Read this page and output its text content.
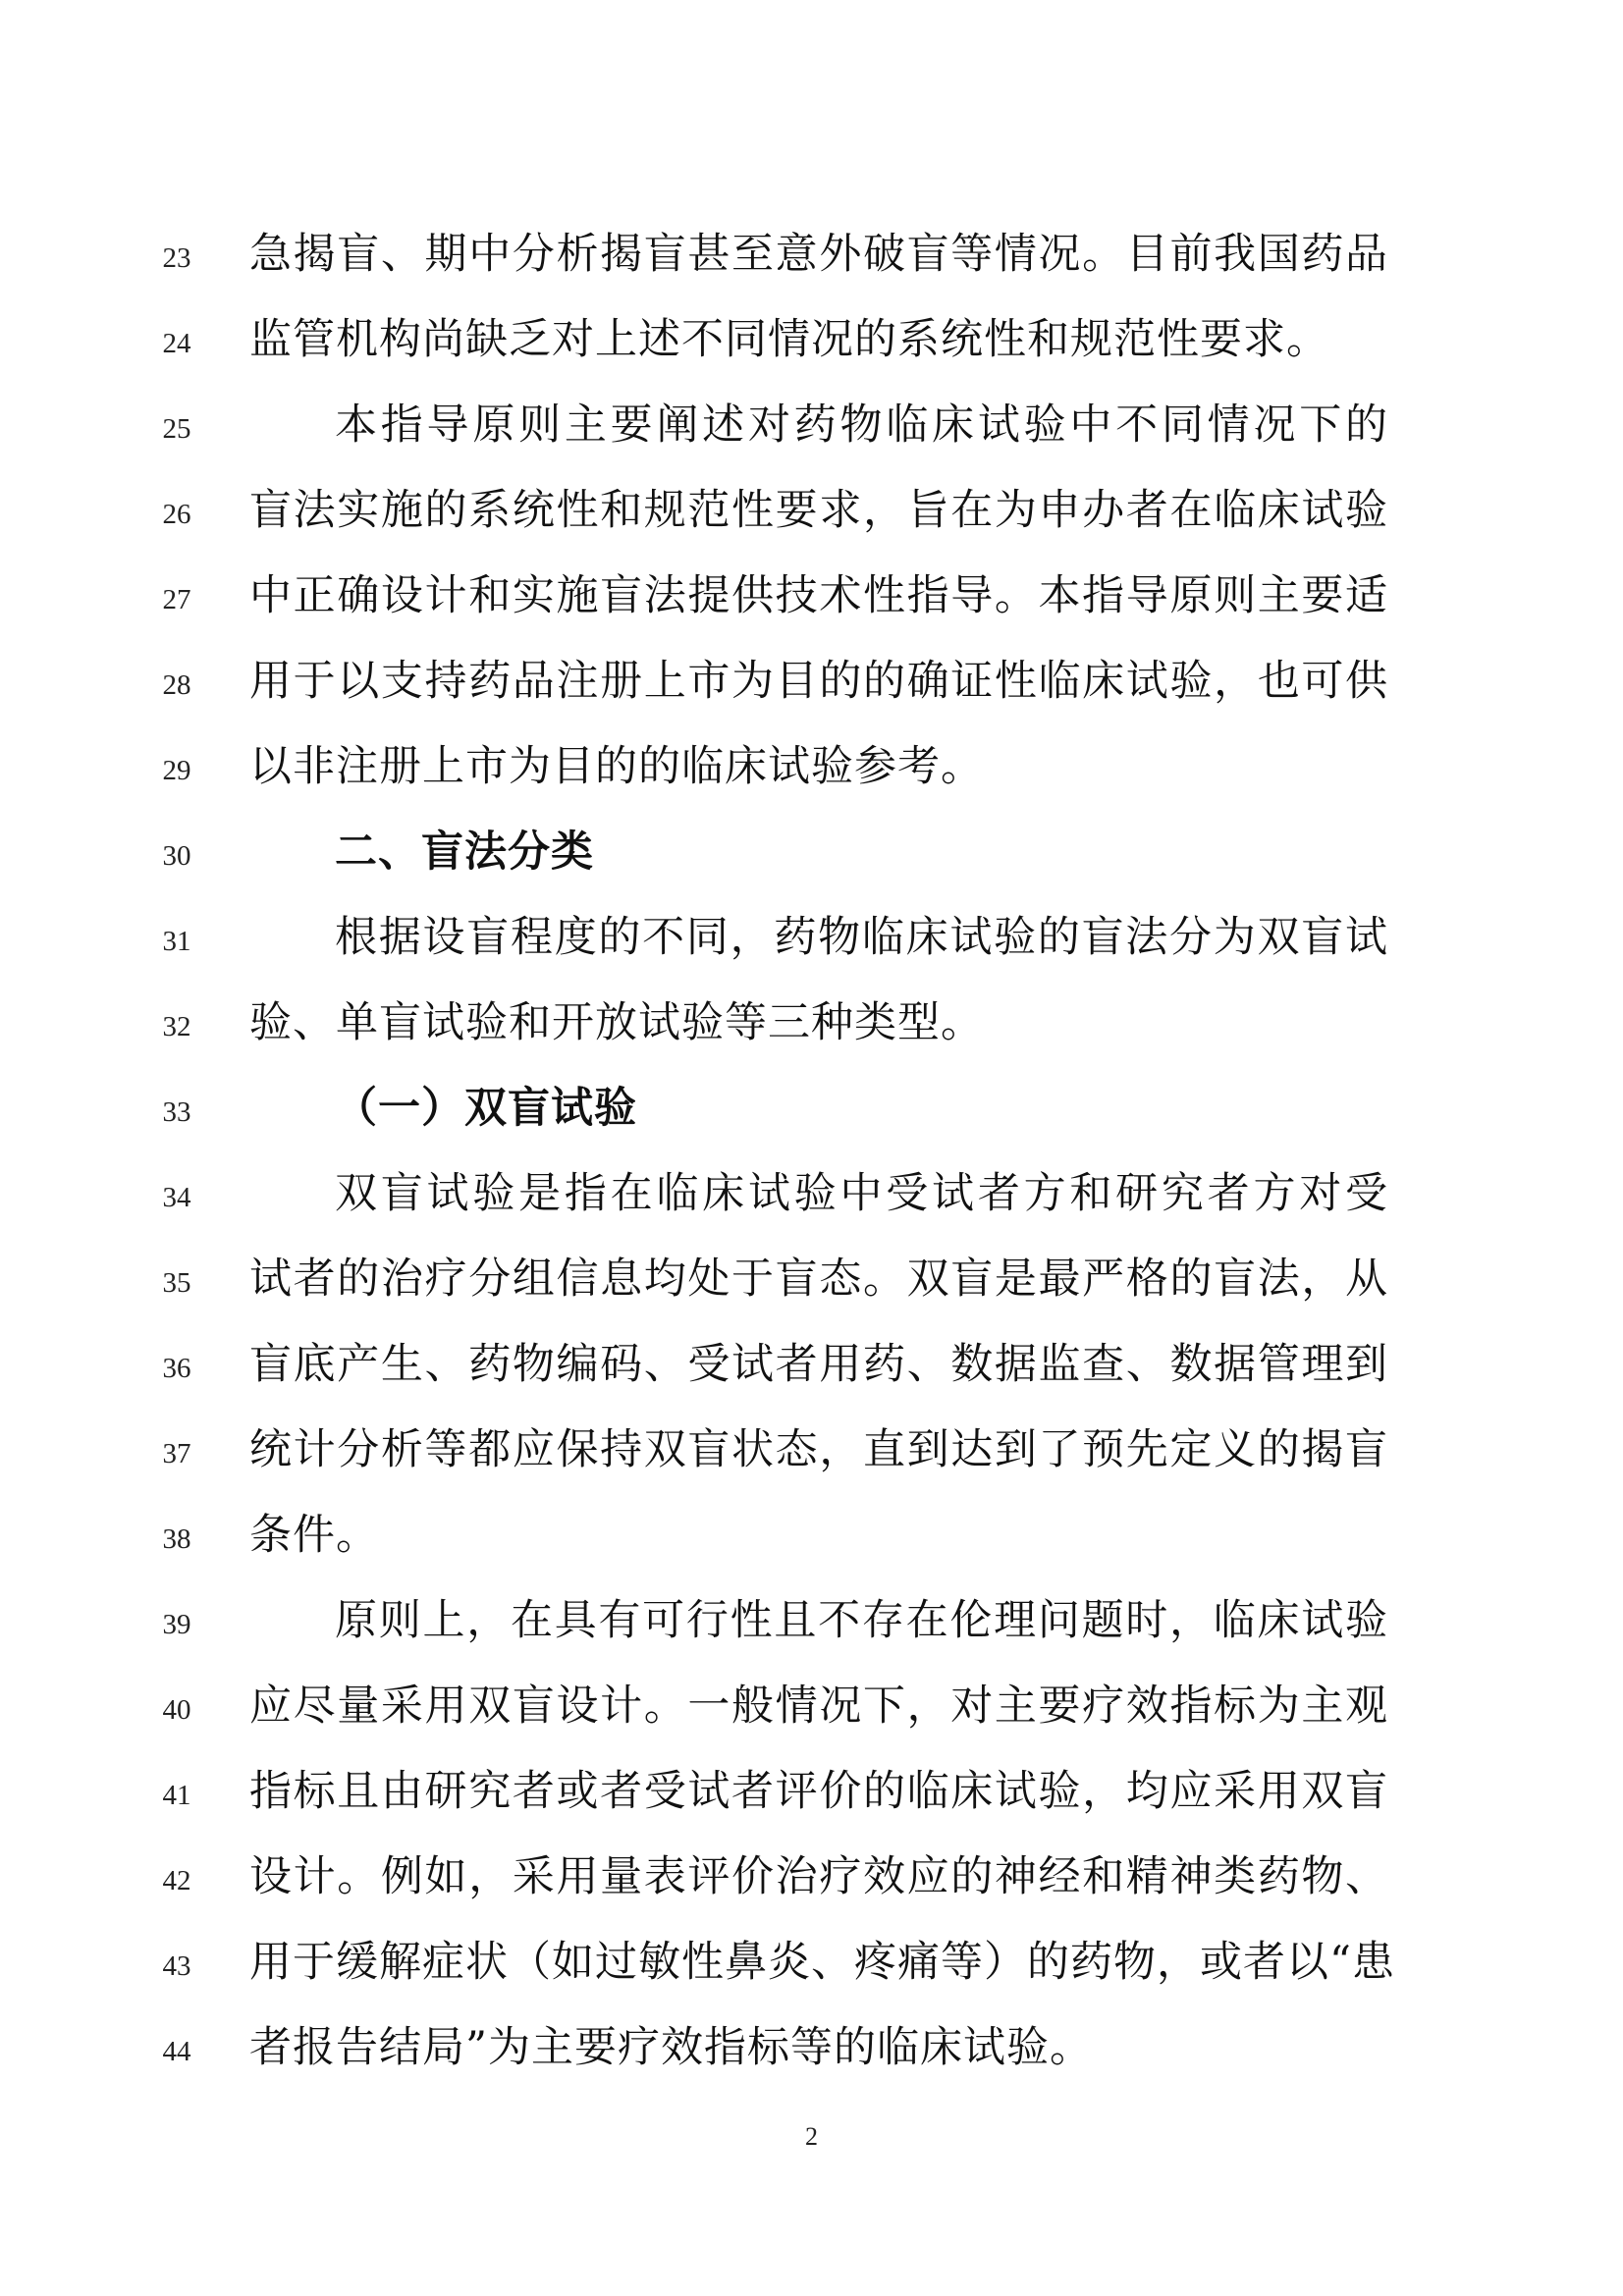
23	急揭盲、期中分析揭盲甚至意外破盲等情况。目前我国药品
24	监管机构尚缺乏对上述不同情况的系统性和规范性要求。
25	本指导原则主要阐述对药物临床试验中不同情况下的
26	盲法实施的系统性和规范性要求，旨在为申办者在临床试验
27	中正确设计和实施盲法提供技术性指导。本指导原则主要适
28	用于以支持药品注册上市为目的的确证性临床试验，也可供
29	以非注册上市为目的的临床试验参考。
30	二、盲法分类
31	根据设盲程度的不同，药物临床试验的盲法分为双盲试
32	验、单盲试验和开放试验等三种类型。
33	（一）双盲试验
34	双盲试验是指在临床试验中受试者方和研究者方对受
35	试者的治疗分组信息均处于盲态。双盲是最严格的盲法，从
36	盲底产生、药物编码、受试者用药、数据监查、数据管理到
37	统计分析等都应保持双盲状态，直到达到了预先定义的揭盲
38	条件。
39	原则上，在具有可行性且不存在伦理问题时，临床试验
40	应尽量采用双盲设计。一般情况下，对主要疗效指标为主观
41	指标且由研究者或者受试者评价的临床试验，均应采用双盲
42	设计。例如，采用量表评价治疗效应的神经和精神类药物、
43	用于缓解症状（如过敏性鼻炎、疼痛等）的药物，或者以“患
44	者报告结局”为主要疗效指标等的临床试验。
2
